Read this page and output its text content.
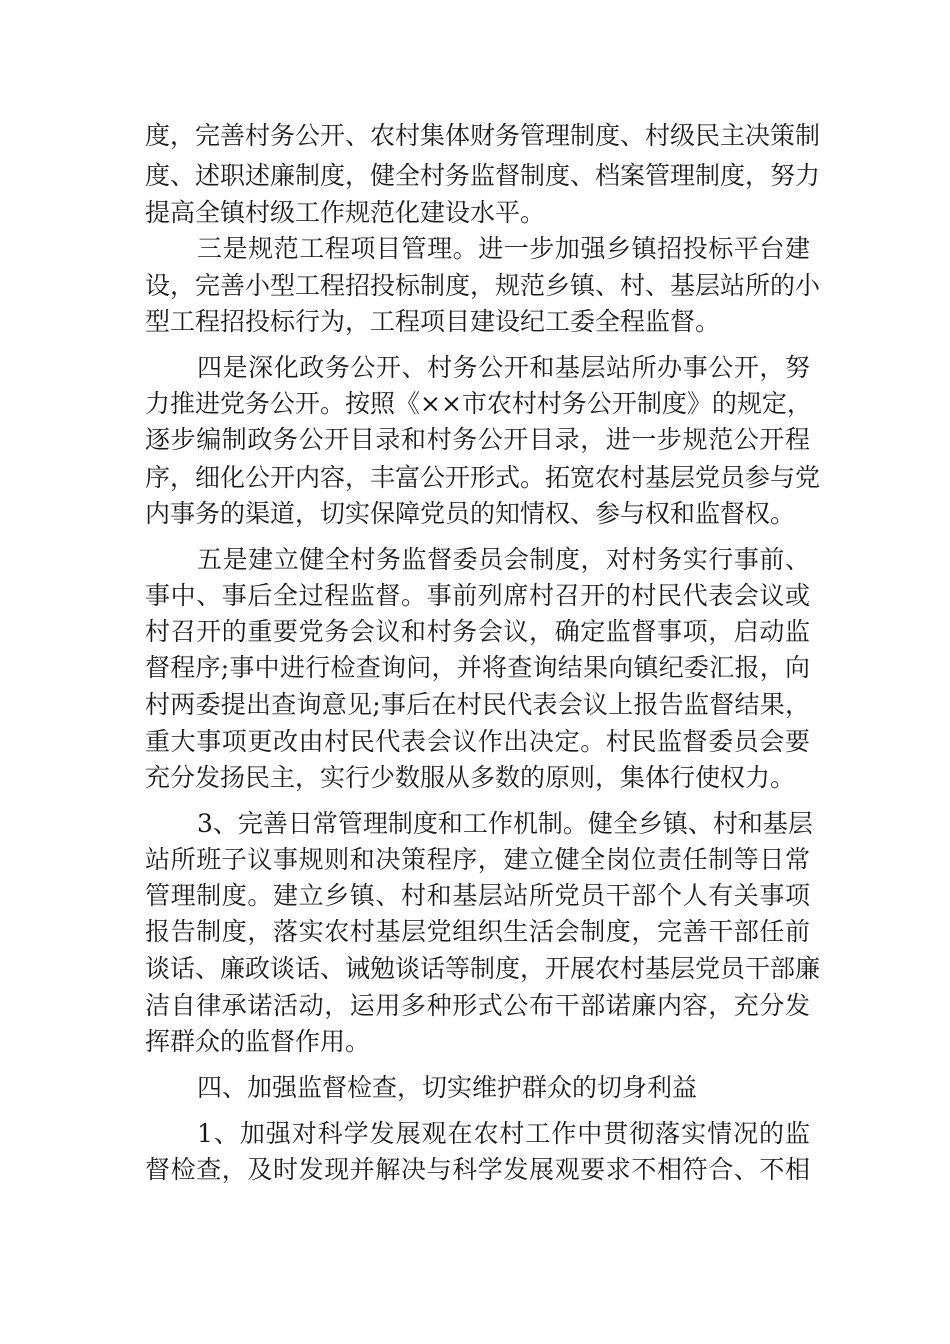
度，完善村务公开、农村集体财务管理制度、村级民主决策制
度、述职述廉制度，健全村务监督制度、档案管理制度，努力
提高全镇村级工作规范化建设水平。
三是规范工程项目管理。进一步加强乡镇招投标平台建
设，完善小型工程招投标制度，规范乡镇、村、基层站所的小
型工程招投标行为，工程项目建设纪工委全程监督。
四是深化政务公开、村务公开和基层站所办事公开，努
力推进党务公开。按照《××市农村村务公开制度》的规定，
逐步编制政务公开目录和村务公开目录，进一步规范公开程
序，细化公开内容，丰富公开形式。拓宽农村基层党员参与党
内事务的渠道，切实保障党员的知情权、参与权和监督权。
五是建立健全村务监督委员会制度，对村务实行事前、
事中、事后全过程监督。事前列席村召开的村民代表会议或
村召开的重要党务会议和村务会议，确定监督事项，启动监
督程序;事中进行检查询问，并将查询结果向镇纪委汇报，向
村两委提出查询意见;事后在村民代表会议上报告监督结果，
重大事项更改由村民代表会议作出决定。村民监督委员会要
充分发扬民主，实行少数服从多数的原则，集体行使权力。
3、完善日常管理制度和工作机制。健全乡镇、村和基层
站所班子议事规则和决策程序，建立健全岗位责任制等日常
管理制度。建立乡镇、村和基层站所党员干部个人有关事项
报告制度，落实农村基层党组织生活会制度，完善干部任前
谈话、廉政谈话、诫勉谈话等制度，开展农村基层党员干部廉
洁自律承诺活动，运用多种形式公布干部诺廉内容，充分发
挥群众的监督作用。
四、加强监督检查，切实维护群众的切身利益
1、加强对科学发展观在农村工作中贯彻落实情况的监
督检查，及时发现并解决与科学发展观要求不相符合、不相
